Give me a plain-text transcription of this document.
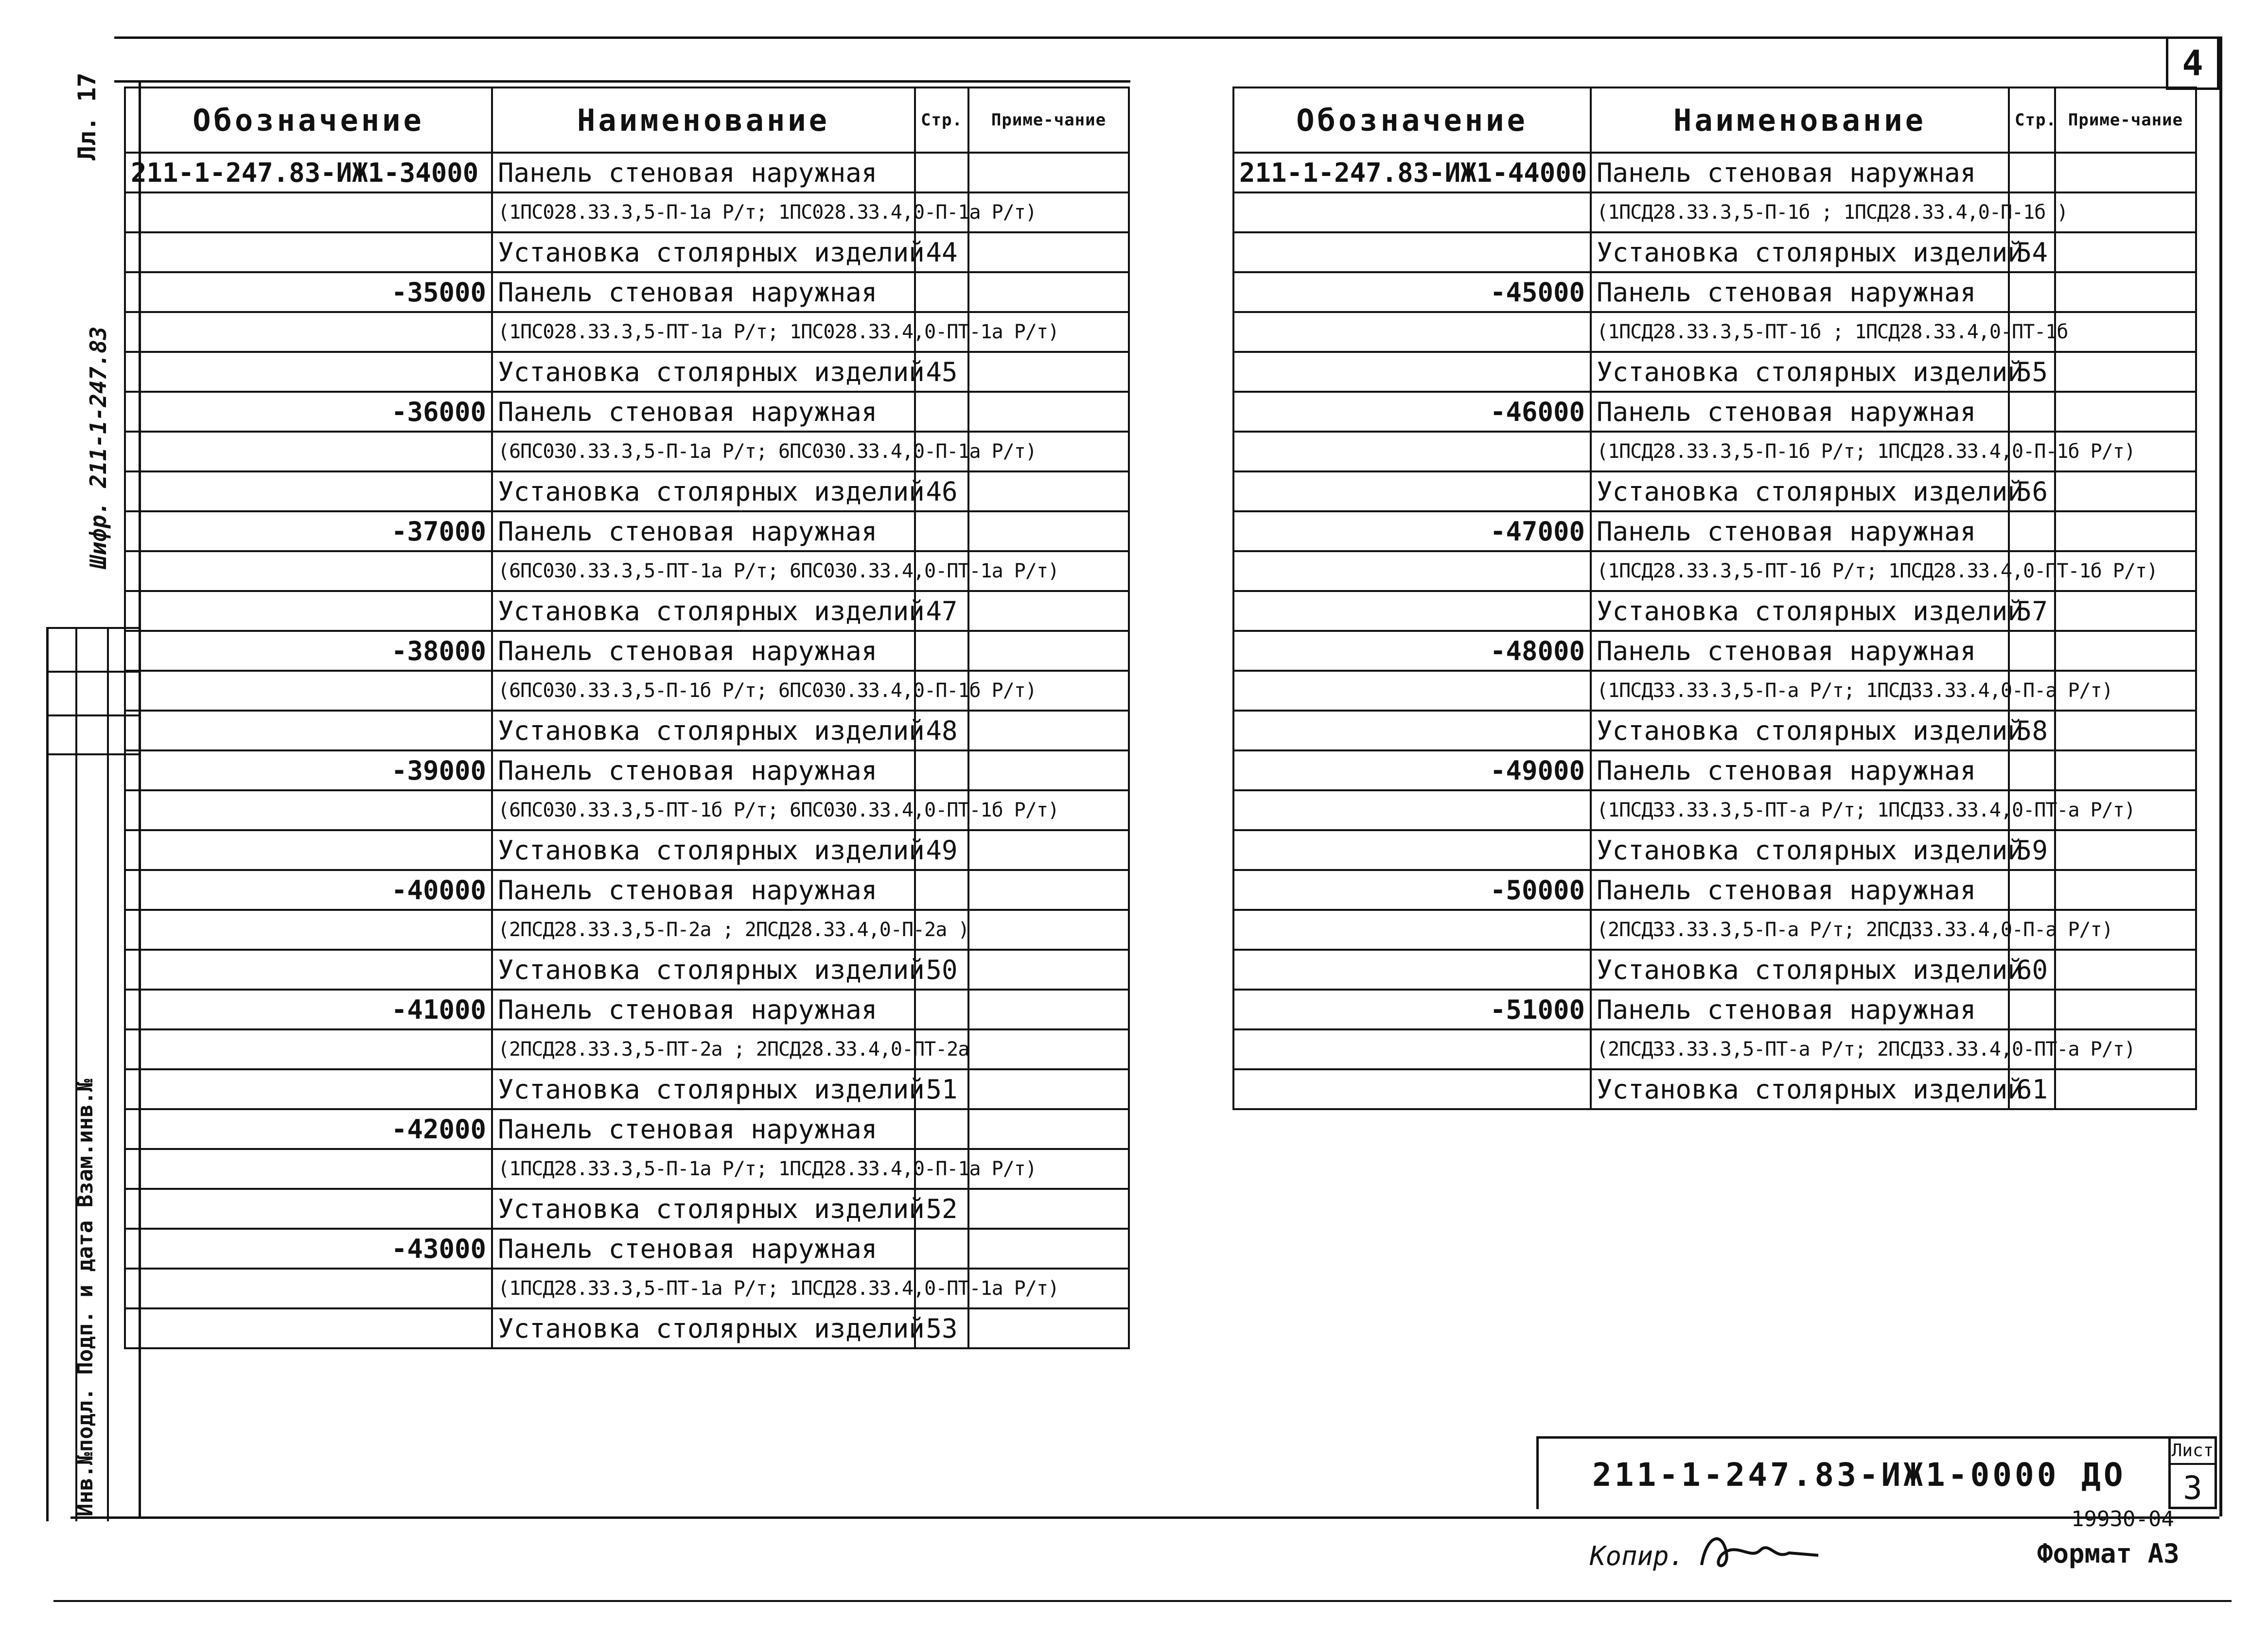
Лл. 17
Шифр. 211-1-247.83
Инв.№подл. Подп. и дата Взам.инв.№
4
Обозначение	Наименование	Стр.	Приме-чание
211-1-247.83-ИЖ1-34000	Панель стеновая наружная		
	(1ПС028.33.3,5-П-1а Р/т; 1ПС028.33.4,0-П-1а Р/т)		
	Установка столярных изделий	44	
-35000	Панель стеновая наружная		
	(1ПС028.33.3,5-ПТ-1а Р/т; 1ПС028.33.4,0-ПТ-1а Р/т)		
	Установка столярных изделий	45	
-36000	Панель стеновая наружная		
	(6ПС030.33.3,5-П-1а Р/т; 6ПС030.33.4,0-П-1а Р/т)		
	Установка столярных изделий	46	
-37000	Панель стеновая наружная		
	(6ПС030.33.3,5-ПТ-1а Р/т; 6ПС030.33.4,0-ПТ-1а Р/т)		
	Установка столярных изделий	47	
-38000	Панель стеновая наружная		
	(6ПС030.33.3,5-П-1б Р/т; 6ПС030.33.4,0-П-1б Р/т)		
	Установка столярных изделий	48	
-39000	Панель стеновая наружная		
	(6ПС030.33.3,5-ПТ-1б Р/т; 6ПС030.33.4,0-ПТ-1б Р/т)		
	Установка столярных изделий	49	
-40000	Панель стеновая наружная		
	(2ПСД28.33.3,5-П-2а ; 2ПСД28.33.4,0-П-2а )		
	Установка столярных изделий	50	
-41000	Панель стеновая наружная		
	(2ПСД28.33.3,5-ПТ-2а ; 2ПСД28.33.4,0-ПТ-2а		
	Установка столярных изделий	51	
-42000	Панель стеновая наружная		
	(1ПСД28.33.3,5-П-1а Р/т; 1ПСД28.33.4,0-П-1а Р/т)		
	Установка столярных изделий	52	
-43000	Панель стеновая наружная		
	(1ПСД28.33.3,5-ПТ-1а Р/т; 1ПСД28.33.4,0-ПТ-1а Р/т)		
	Установка столярных изделий	53	
Обозначение	Наименование	Стр.	Приме-чание
211-1-247.83-ИЖ1-44000	Панель стеновая наружная		
	(1ПСД28.33.3,5-П-1б ; 1ПСД28.33.4,0-П-1б )		
	Установка столярных изделий	54	
-45000	Панель стеновая наружная		
	(1ПСД28.33.3,5-ПТ-1б ; 1ПСД28.33.4,0-ПТ-1б		
	Установка столярных изделий	55	
-46000	Панель стеновая наружная		
	(1ПСД28.33.3,5-П-1б Р/т; 1ПСД28.33.4,0-П-1б Р/т)		
	Установка столярных изделий	56	
-47000	Панель стеновая наружная		
	(1ПСД28.33.3,5-ПТ-1б Р/т; 1ПСД28.33.4,0-ПТ-1б Р/т)		
	Установка столярных изделий	57	
-48000	Панель стеновая наружная		
	(1ПСД33.33.3,5-П-а Р/т; 1ПСД33.33.4,0-П-а Р/т)		
	Установка столярных изделий	58	
-49000	Панель стеновая наружная		
	(1ПСД33.33.3,5-ПТ-а Р/т; 1ПСД33.33.4,0-ПТ-а Р/т)		
	Установка столярных изделий	59	
-50000	Панель стеновая наружная		
	(2ПСД33.33.3,5-П-а Р/т; 2ПСД33.33.4,0-П-а Р/т)		
	Установка столярных изделий	60	
-51000	Панель стеновая наружная		
	(2ПСД33.33.3,5-ПТ-а Р/т; 2ПСД33.33.4,0-ПТ-а Р/т)		
	Установка столярных изделий	61	
211-1-247.83-ИЖ1-0000 ДО
Лист
3
Копир.	Формат А3
19930-04
